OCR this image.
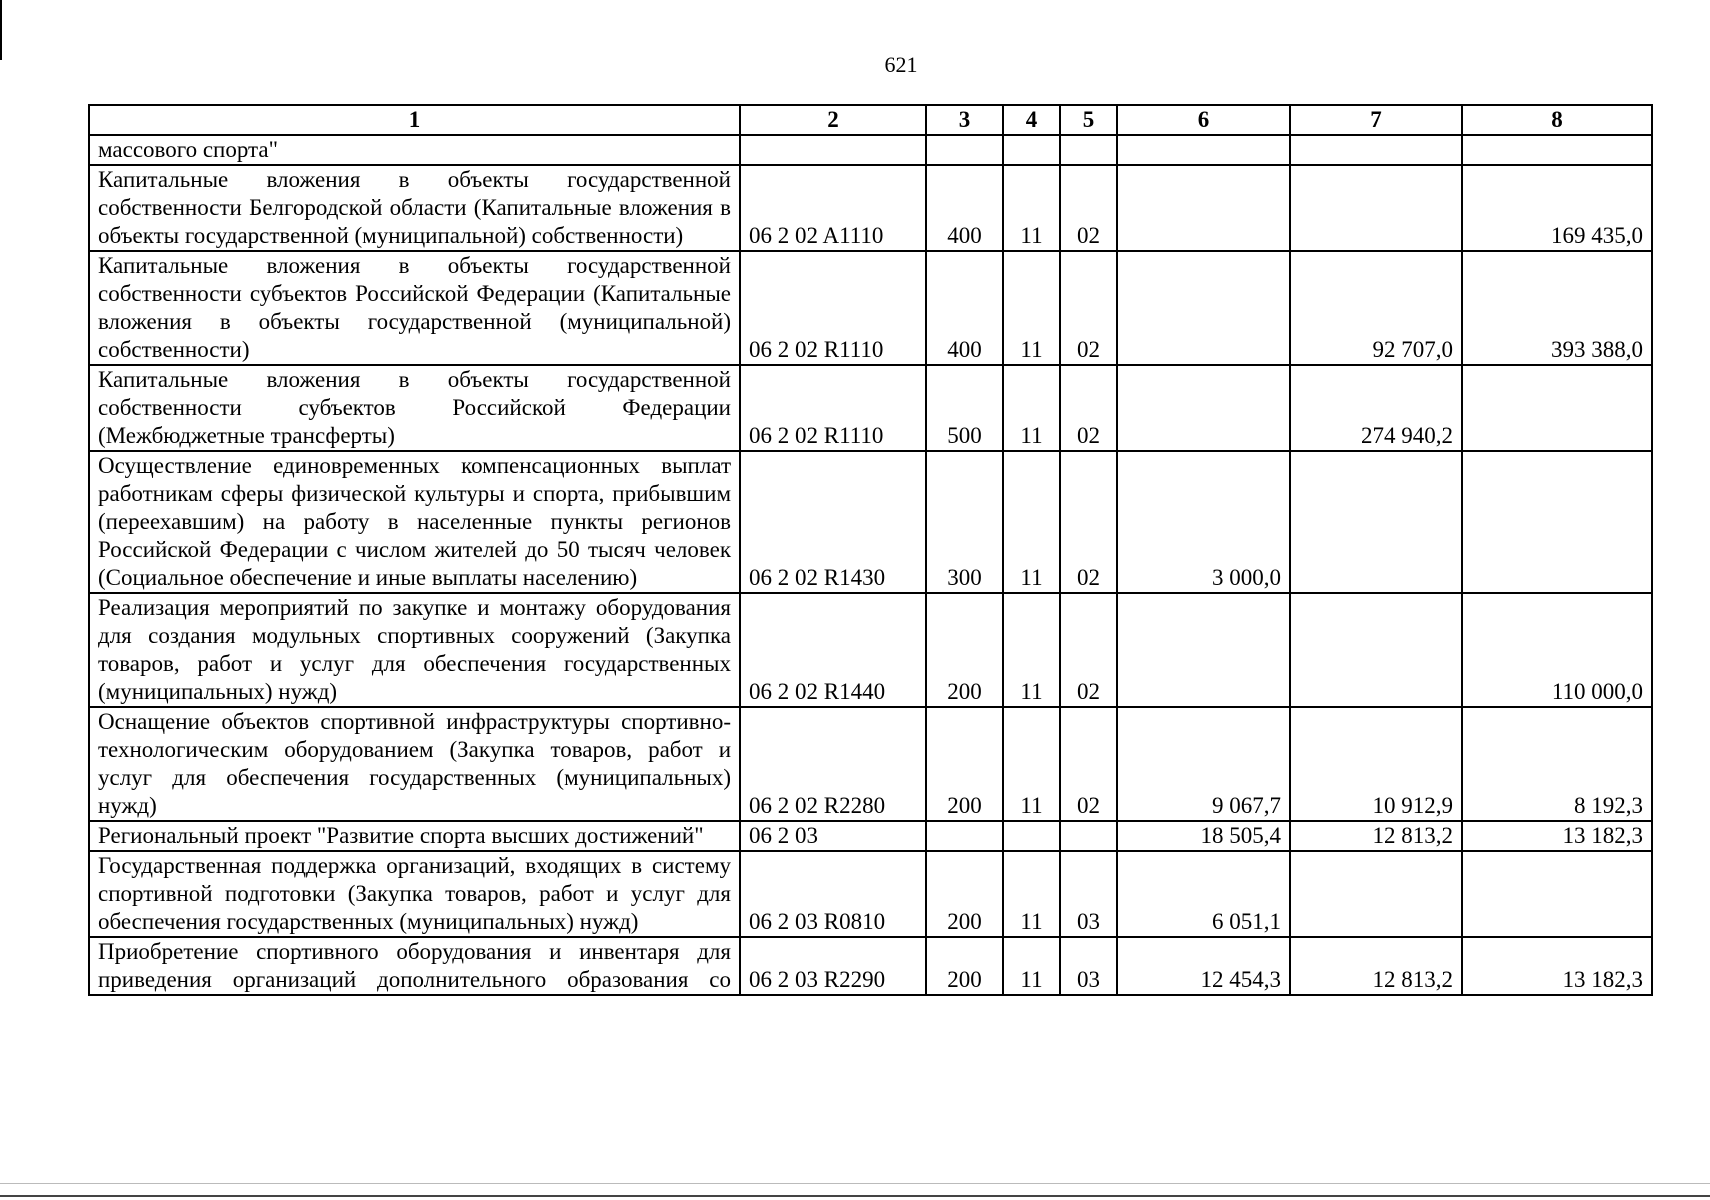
621
1	2	3	4	5	6	7	8
массового спорта"							
Капитальные вложения в объекты государственной собственности Белгородской области (Капитальные вложения в объекты государственной (муниципальной) собственности)	06 2 02 A1110	400	11	02			169 435,0
Капитальные вложения в объекты государственной собственности субъектов Российской Федерации (Капитальные вложения в объекты государственной (муниципальной) собственности)	06 2 02 R1110	400	11	02		92 707,0	393 388,0
Капитальные вложения в объекты государственной собственности субъектов Российской Федерации (Межбюджетные трансферты)	06 2 02 R1110	500	11	02		274 940,2	
Осуществление единовременных компенсационных выплат работникам сферы физической культуры и спорта, прибывшим (переехавшим) на работу в населенные пункты регионов Российской Федерации с числом жителей до 50 тысяч человек (Социальное обеспечение и иные выплаты населению)	06 2 02 R1430	300	11	02	3 000,0		
Реализация мероприятий по закупке и монтажу оборудования для создания модульных спортивных сооружений (Закупка товаров, работ и услуг для обеспечения государственных (муниципальных) нужд)	06 2 02 R1440	200	11	02			110 000,0
Оснащение объектов спортивной инфраструктуры спортивно-технологическим оборудованием (Закупка товаров, работ и услуг для обеспечения государственных (муниципальных) нужд)	06 2 02 R2280	200	11	02	9 067,7	10 912,9	8 192,3
Региональный проект "Развитие спорта высших достижений"	06 2 03				18 505,4	12 813,2	13 182,3
Государственная поддержка организаций, входящих в систему спортивной подготовки (Закупка товаров, работ и услуг для обеспечения государственных (муниципальных) нужд)	06 2 03 R0810	200	11	03	6 051,1		
Приобретение спортивного оборудования и инвентаря для приведения организаций дополнительного образования со	06 2 03 R2290	200	11	03	12 454,3	12 813,2	13 182,3
